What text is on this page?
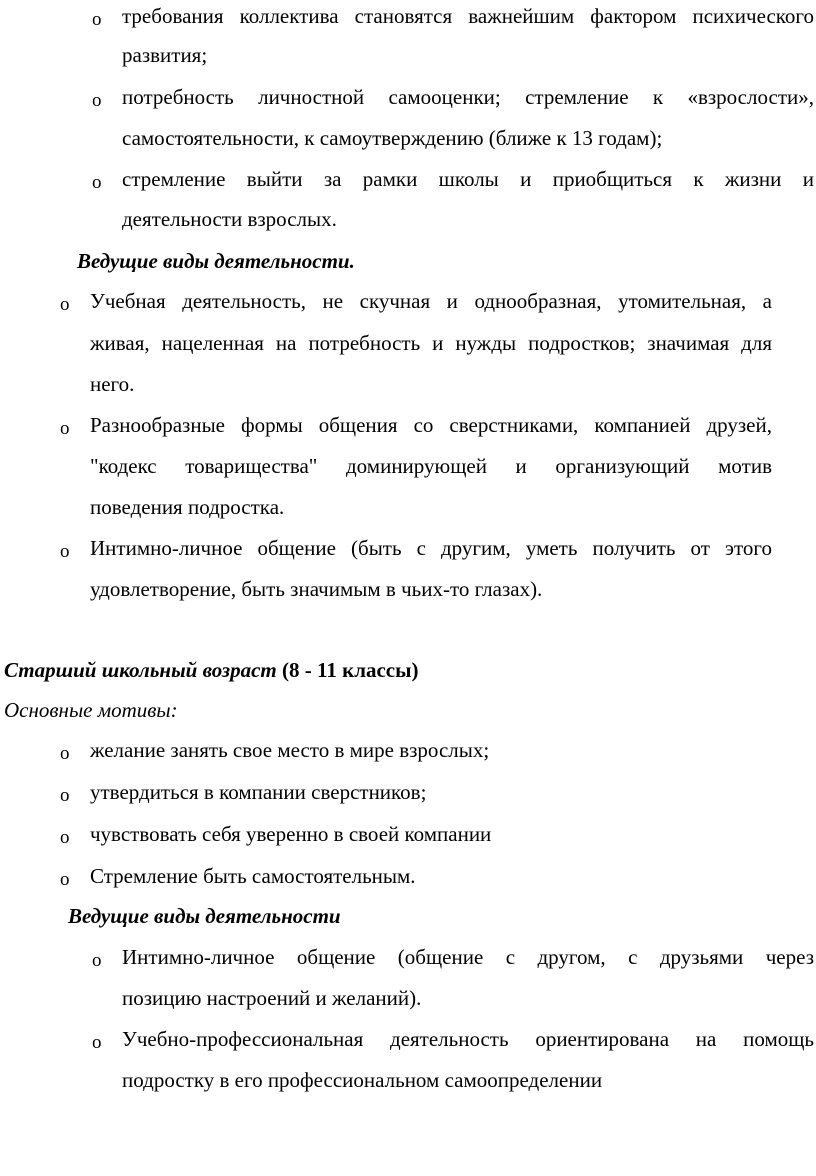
o требования коллектива становятся важнейшим фактором психического
развития;
o потребность личностной самооценки; стремление к «взрослости»,
самостоятельности, к самоутверждению (ближе к 13 годам);
o стремление выйти за рамки школы и приобщиться к жизни и
деятельности взрослых.
Ведущие виды деятельности.
o Учебная деятельность, не скучная и однообразная, утомительная, а
живая, нацеленная на потребность и нужды подростков; значимая для
него.
o Разнообразные формы общения со сверстниками, компанией друзей,
"кодекс товарищества" доминирующей и организующий мотив
поведения подростка.
o Интимно-личное общение (быть с другим, уметь получить от этого
удовлетворение, быть значимым в чьих-то глазах).
Старший школьный возраст (8 - 11 классы)
Основные мотивы:
o желание занять свое место в мире взрослых;
o утвердиться в компании сверстников;
o чувствовать себя уверенно в своей компании
o Стремление быть самостоятельным.
Ведущие виды деятельности
o Интимно-личное общение (общение с другом, с друзьями через
позицию настроений и желаний).
o Учебно-профессиональная деятельность ориентирована на помощь
подростку в его профессиональном самоопределении
